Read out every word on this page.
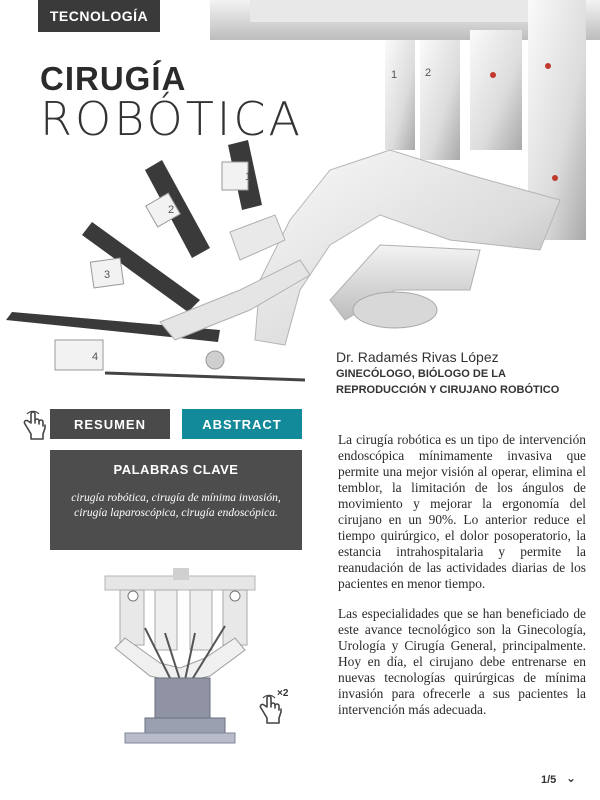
1
2
3
4
1	2
TECNOLOGÍA
CIRUGÍA
ROBÓTICA
Dr. Radamés Rivas López
GINECÓLOGO, BIÓLOGO DE LA
REPRODUCCIÓN Y CIRUJANO ROBÓTICO
RESUMEN	ABSTRACT
PALABRAS CLAVE
cirugía robótica, cirugía de mínima invasión, cirugía laparoscópica, cirugía endoscópica.

La cirugía robótica es un tipo de intervención endoscópica mínimamente invasiva que permite una mejor visión al operar, elimina el temblor, la limitación de los ángulos de movimiento y mejorar la ergonomía del cirujano en un 90%. Lo anterior reduce el tiempo quirúrgico, el dolor posoperatorio, la estancia intrahospitalaria y permite la reanudación de las actividades diarias de los pacientes en menor tiempo.

Las especialidades que se han beneficiado de este avance tecnológico son la Ginecología, Urología y Cirugía General, principalmente. Hoy en día, el cirujano debe entrenarse en nuevas tecnologías quirúrgicas de mínima invasión para ofrecerle a sus pacientes la intervención más adecuada.

×2
1/5 ⌄
